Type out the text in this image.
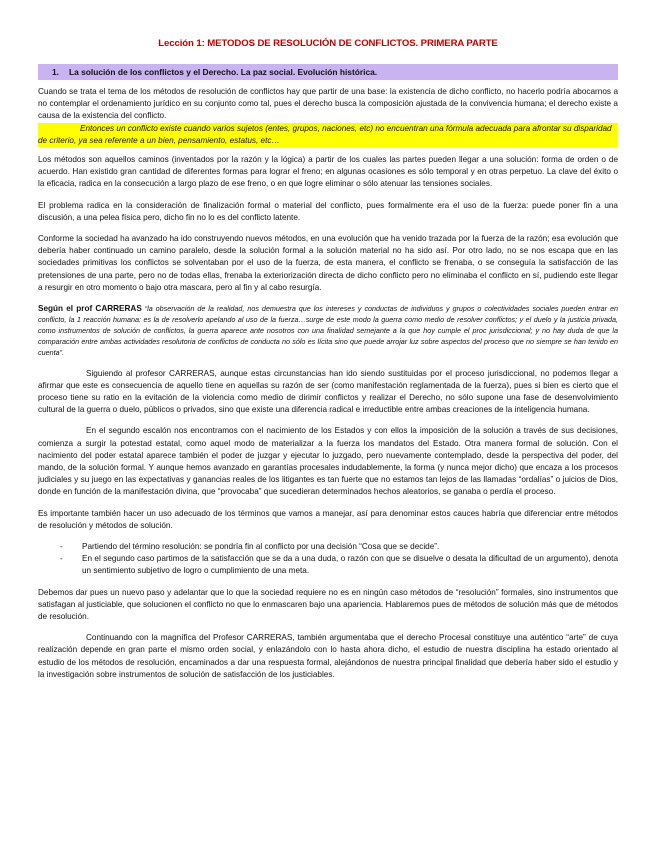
Lección 1: METODOS DE RESOLUCIÓN DE CONFLICTOS. PRIMERA PARTE
1. La solución de los conflictos y el Derecho. La paz social. Evolución histórica.

Cuando se trata el tema de los métodos de resolución de conflictos hay que partir de una base: la existencia de dicho conflicto, no hacerlo podría abocarnos a no contemplar el ordenamiento jurídico en su conjunto como tal, pues el derecho busca la composición ajustada de la convivencia humana; el derecho existe a causa de la existencia del conflicto.

Entonces un conflicto existe cuando varios sujetos (entes, grupos, naciones, etc) no encuentran una fórmula adecuada para afrontar su disparidad de criterio, ya sea referente a un bien, pensamiento, estatus, etc…

Los métodos son aquellos caminos (inventados por la razón y la lógica) a partir de los cuales las partes pueden llegar a una solución: forma de orden o de acuerdo. Han existido gran cantidad de diferentes formas para lograr el freno; en algunas ocasiones es sólo temporal y en otras perpetuo. La clave del éxito o la eficacia, radica en la consecución a largo plazo de ese freno, o en que logre eliminar o sólo atenuar las tensiones sociales.

El problema radica en la consideración de finalización formal o material del conflicto, pues formalmente era el uso de la fuerza: puede poner fin a una discusión, a una pelea física pero, dicho fin no lo es del conflicto latente.

Conforme la sociedad ha avanzado ha ido construyendo nuevos métodos, en una evolución que ha venido trazada por la fuerza de la razón; esa evolución que debería haber continuado un camino paralelo, desde la solución formal a la solución material no ha sido así. Por otro lado, no se nos escapa que en las sociedades primitivas los conflictos se solventaban por el uso de la fuerza, de esta manera, el conflicto se frenaba, o se conseguía la satisfacción de las pretensiones de una parte, pero no de todas ellas, frenaba la exteriorización directa de dicho conflicto pero no eliminaba el conflicto en sí, pudiendo este llegar a resurgir en otro momento o bajo otra mascara, pero al fin y al cabo resurgía.

Según el prof CARRERAS “la observación de la realidad, nos demuestra que los intereses y conductas de individuos y grupos o colectividades sociales pueden entrar en conflicto, la 1 reacción humana: es la de resolverlo apelando al uso de la fuerza…surge de este modo la guerra como medio de resolver conflictos; y el duelo y la justicia privada, como instrumentos de solución de conflictos, la guerra aparece ante nosotros con una finalidad semejante a la que hoy cumple el proc jurisdiccional; y no hay duda de que la comparación entre ambas actividades resolutoria de conflictos de conducta no sólo es lícita sino que puede arrojar luz sobre aspectos del proceso que no siempre se han tenido en cuenta”.

Siguiendo al profesor CARRERAS, aunque estas circunstancias han ido siendo sustituidas por el proceso jurisdiccional, no podemos llegar a afirmar que este es consecuencia de aquello tiene en aquellas su razón de ser (como manifestación reglamentada de la fuerza), pues si bien es cierto que el proceso tiene su ratio en la evitación de la violencia como medio de dirimir conflictos y realizar el Derecho, no sólo supone una fase de desenvolvimiento cultural de la guerra o duelo, públicos o privados, sino que existe una diferencia radical e irreductible entre ambas creaciones de la inteligencia humana.

En el segundo escalón nos encontramos con el nacimiento de los Estados y con ellos la imposición de la solución a través de sus decisiones, comienza a surgir la potestad estatal, como aquel modo de materializar a la fuerza los mandatos del Estado. Otra manera formal de solución. Con el nacimiento del poder estatal aparece también el poder de juzgar y ejecutar lo juzgado, pero nuevamente contemplado, desde la perspectiva del poder, del mando, de la solución formal. Y aunque hemos avanzado en garantías procesales indudablemente, la forma (y nunca mejor dicho) que encaza a los procesos judiciales y su juego en las expectativas y ganancias reales de los litigantes es tan fuerte que no estamos tan lejos de las llamadas “ordalías” o juicios de Dios, donde en función de la manifestación divina, que “provocaba” que sucedieran determinados hechos aleatorios, se ganaba o perdía el proceso.

Es importante también hacer un uso adecuado de los términos que vamos a manejar, así para denominar estos cauces habría que diferenciar entre métodos de resolución y métodos de solución.

- Partiendo del término resolución: se pondría fin al conflicto por una decisión “Cosa que se decide”.
- En el segundo caso partimos de la satisfacción que se da a una duda, o razón con que se disuelve o desata la dificultad de un argumento), denota un sentimiento subjetivo de logro o cumplimiento de una meta.

Debemos dar pues un nuevo paso y adelantar que lo que la sociedad requiere no es en ningún caso métodos de “resolución” formales, sino instrumentos que satisfagan al justiciable, que solucionen el conflicto no que lo enmascaren bajo una apariencia. Hablaremos pues de métodos de solución más que de métodos de resolución.

Continuando con la magnífica del Profesor CARRERAS, también argumentaba que el derecho Procesal constituye una auténtico “arte” de cuya realización depende en gran parte el mismo orden social, y enlazándolo con lo hasta ahora dicho, el estudio de nuestra disciplina ha estado orientado al estudio de los métodos de resolución, encaminados a dar una respuesta formal, alejándonos de nuestra principal finalidad que debería haber sido el estudio y la investigación sobre instrumentos de solución de satisfacción de los justiciables.
